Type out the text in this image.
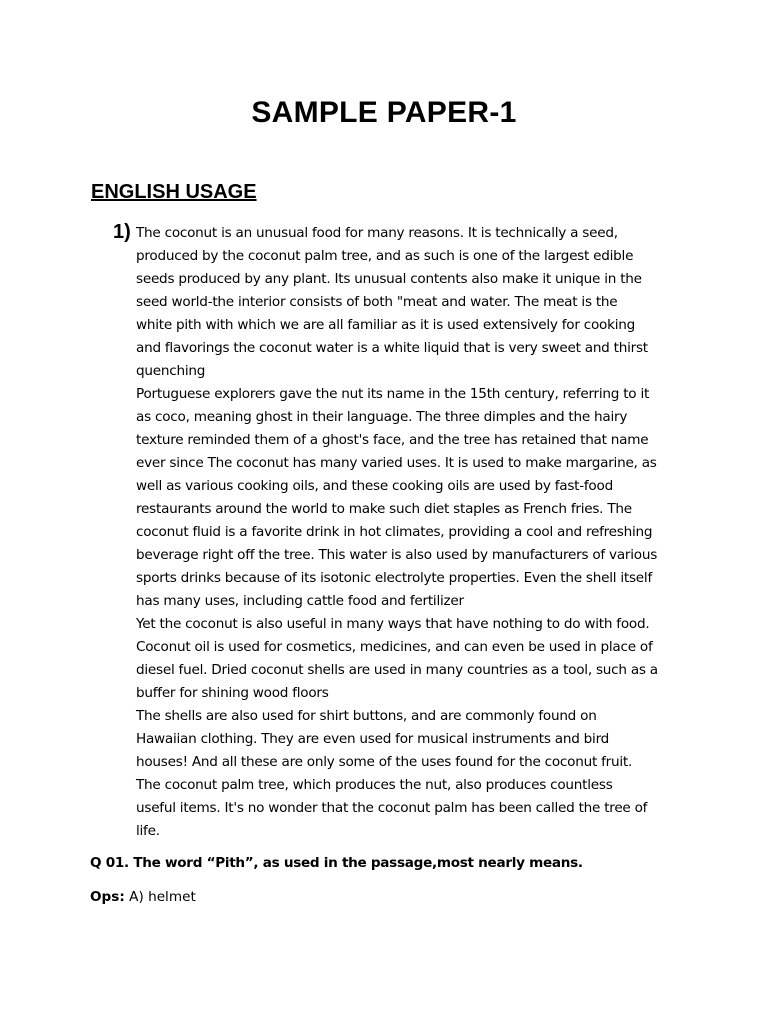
SAMPLE PAPER-1
ENGLISH USAGE
1) The coconut is an unusual food for many reasons. It is technically a seed,
produced by the coconut palm tree, and as such is one of the largest edible
seeds produced by any plant. Its unusual contents also make it unique in the
seed world-the interior consists of both "meat and water. The meat is the
white pith with which we are all familiar as it is used extensively for cooking
and flavorings the coconut water is a white liquid that is very sweet and thirst
quenching
Portuguese explorers gave the nut its name in the 15th century, referring to it
as coco, meaning ghost in their language. The three dimples and the hairy
texture reminded them of a ghost's face, and the tree has retained that name
ever since The coconut has many varied uses. It is used to make margarine, as
well as various cooking oils, and these cooking oils are used by fast-food
restaurants around the world to make such diet staples as French fries. The
coconut fluid is a favorite drink in hot climates, providing a cool and refreshing
beverage right off the tree. This water is also used by manufacturers of various
sports drinks because of its isotonic electrolyte properties. Even the shell itself
has many uses, including cattle food and fertilizer
Yet the coconut is also useful in many ways that have nothing to do with food.
Coconut oil is used for cosmetics, medicines, and can even be used in place of
diesel fuel. Dried coconut shells are used in many countries as a tool, such as a
buffer for shining wood floors
The shells are also used for shirt buttons, and are commonly found on
Hawaiian clothing. They are even used for musical instruments and bird
houses! And all these are only some of the uses found for the coconut fruit.
The coconut palm tree, which produces the nut, also produces countless
useful items. It's no wonder that the coconut palm has been called the tree of
life.
Q 01. The word “Pith”, as used in the passage,most nearly means.
Ops: A) helmet
